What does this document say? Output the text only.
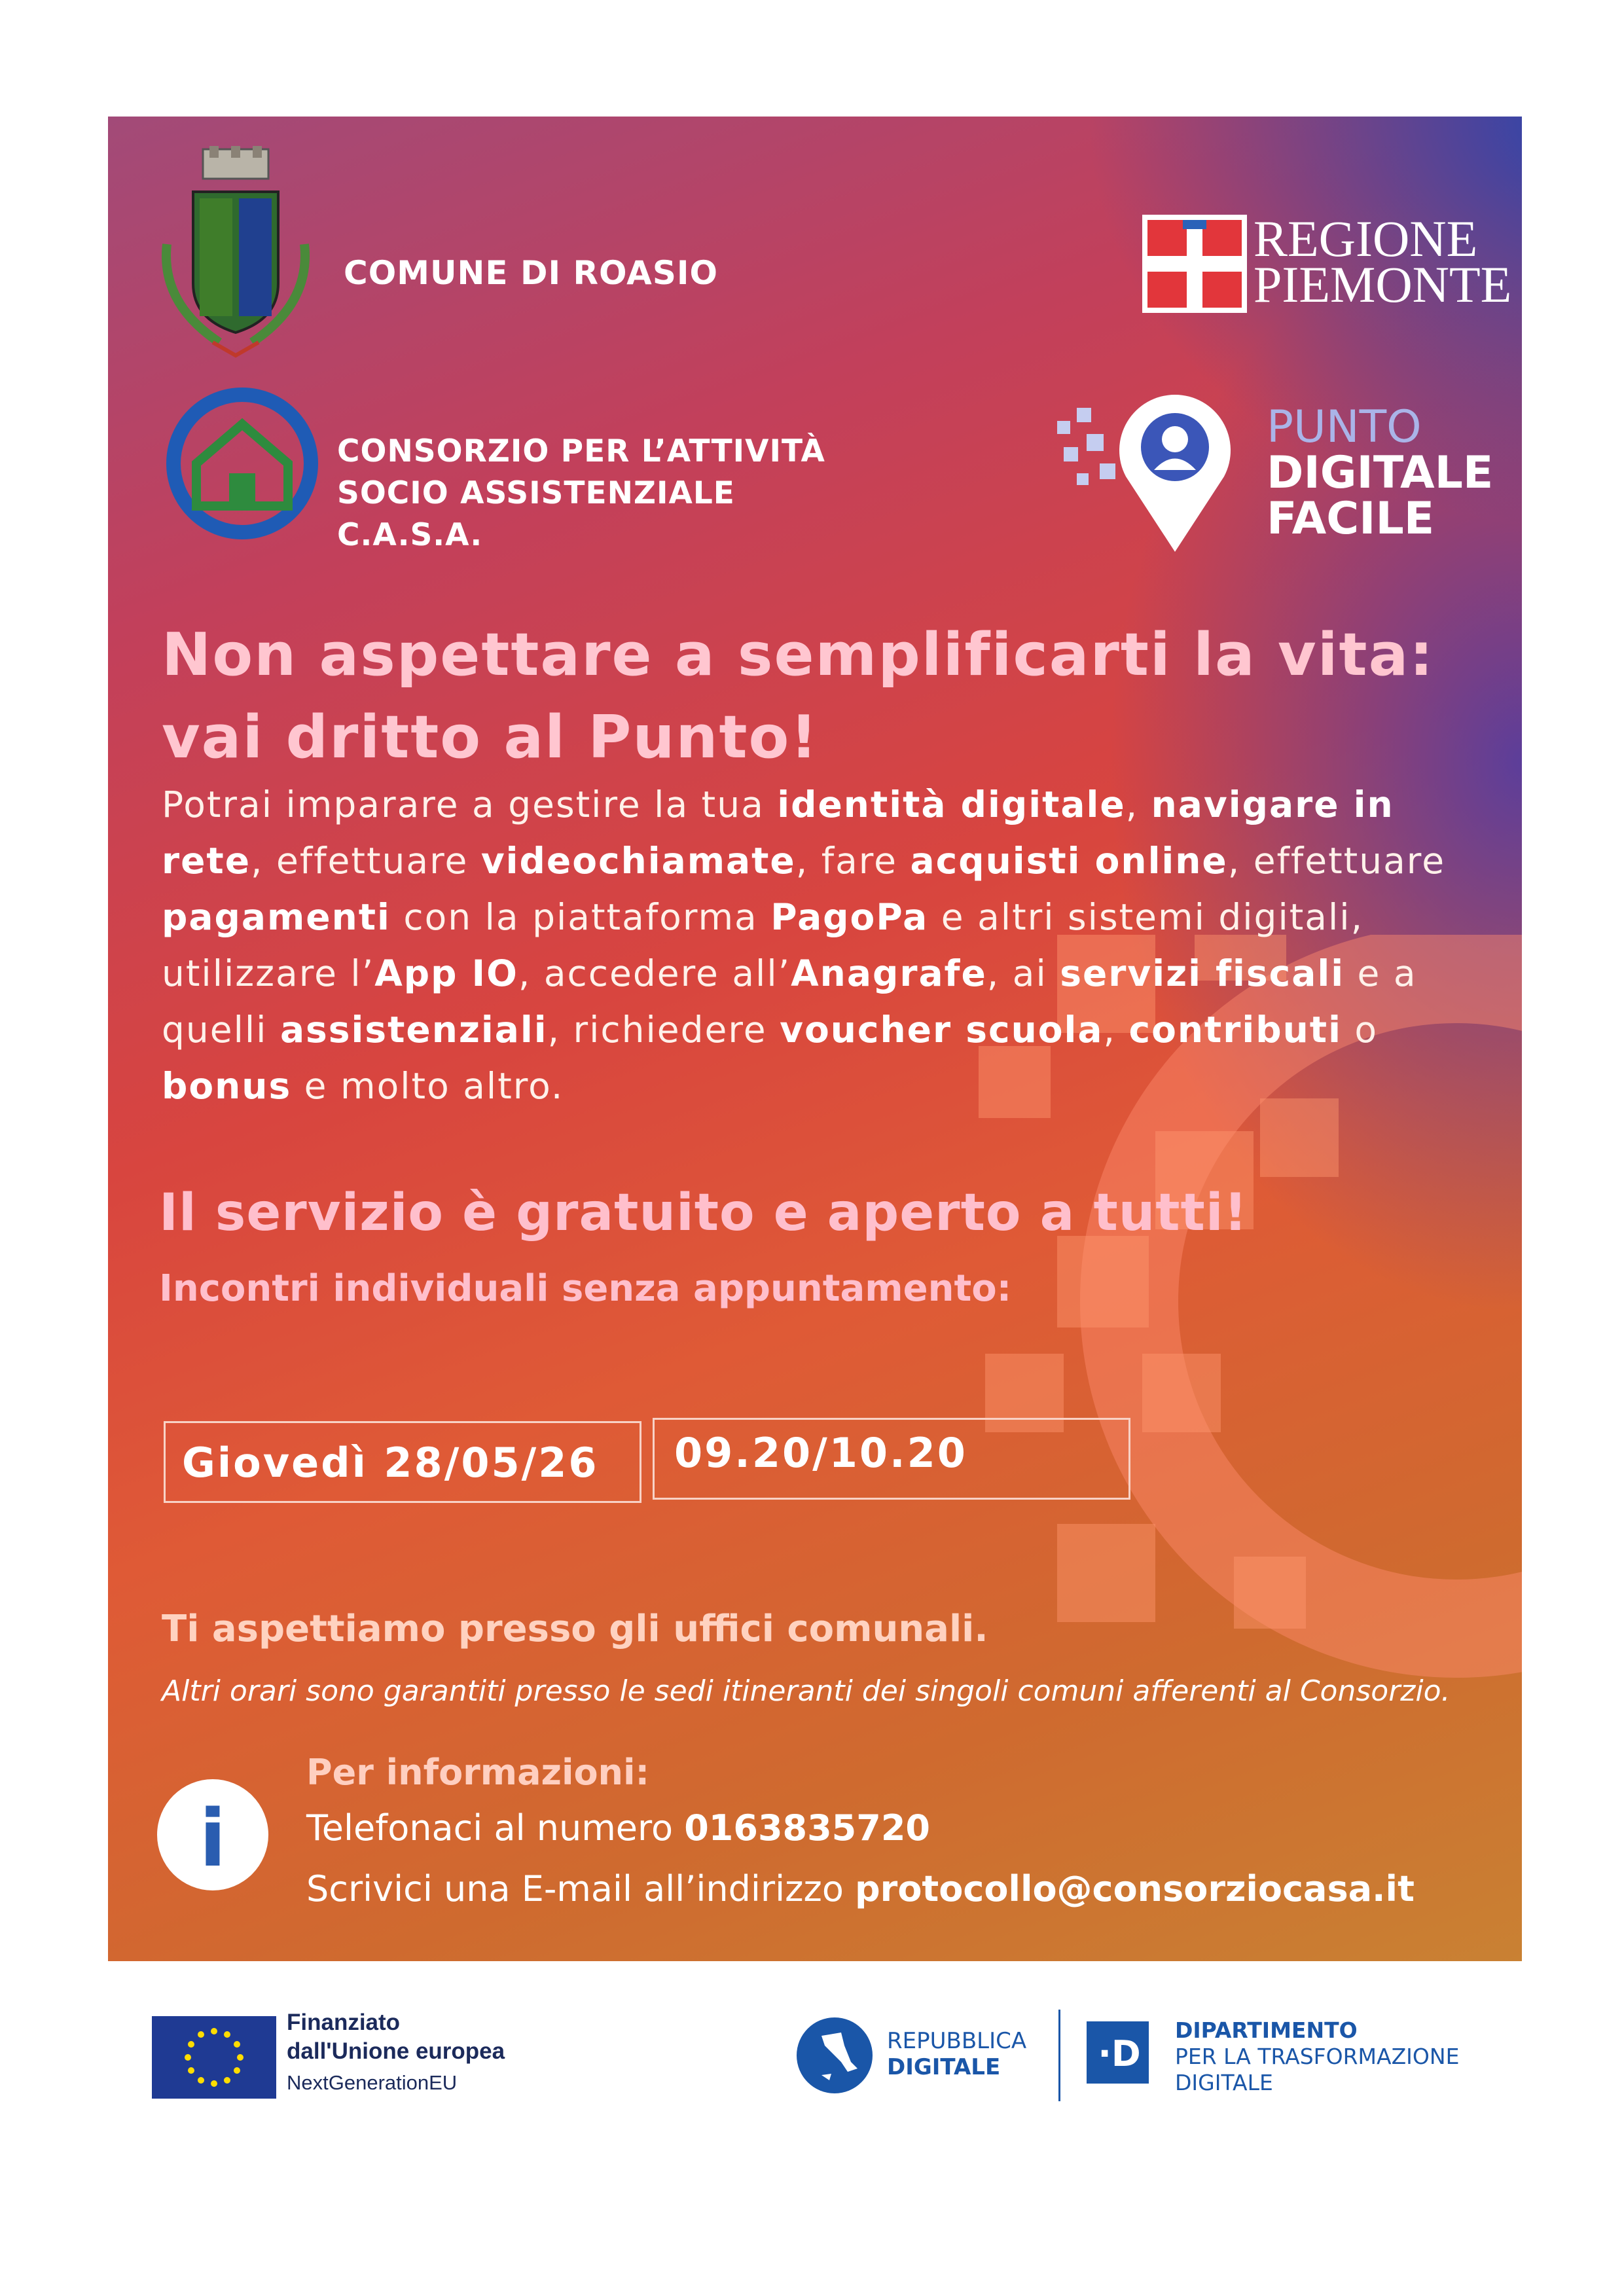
COMUNE DI ROASIO
REGIONE
PIEMONTE
CONSORZIO PER L’ATTIVITÀ
SOCIO ASSISTENZIALE
C.A.S.A.
PUNTO
DIGITALE
FACILE
Non aspettare a semplificarti la vita:
vai dritto al Punto!
Potrai imparare a gestire la tua identità digitale, navigare in rete, effettuare videochiamate, fare acquisti online, effettuare pagamenti con la piattaforma PagoPa e altri sistemi digitali, utilizzare l’App IO, accedere all’Anagrafe, ai servizi fiscali e a quelli assistenziali, richiedere voucher scuola, contributi o bonus e molto altro.
Il servizio è gratuito e aperto a tutti!
Incontri individuali senza appuntamento:
Giovedì 28/05/26 09.20/10.20
Ti aspettiamo presso gli uffici comunali.
Altri orari sono garantiti presso le sedi itineranti dei singoli comuni afferenti al Consorzio.
i
Per informazioni:
Telefonaci al numero 0163835720
Scrivici una E-mail all’indirizzo protocollo@consorziocasa.it
Finanziato
dall'Unione europea
NextGenerationEU
REPUBBLICA
DIGITALE	·D
DIPARTIMENTO
PER LA TRASFORMAZIONE
DIGITALE
